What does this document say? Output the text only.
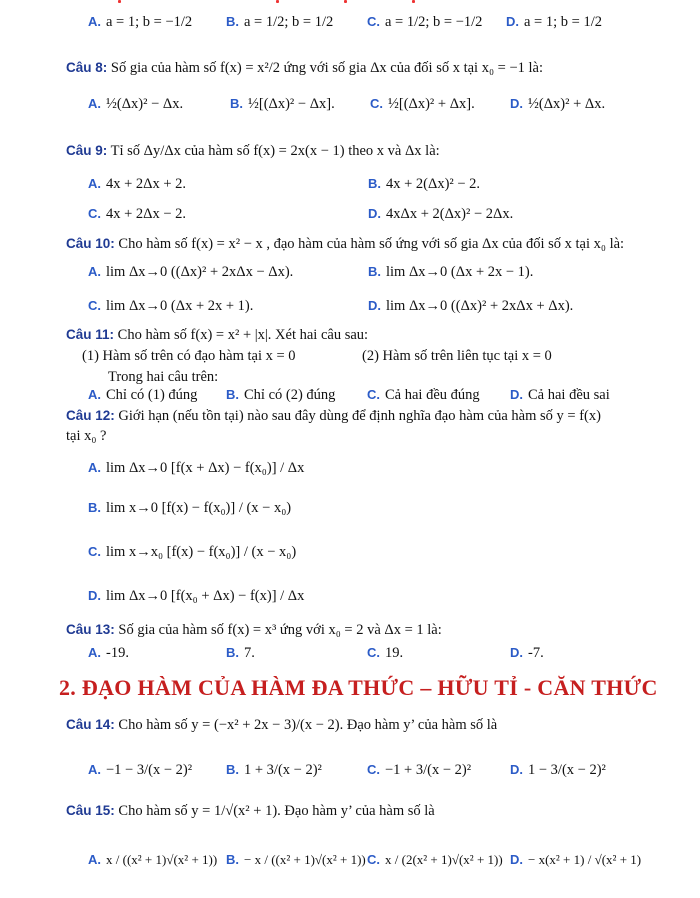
A. a = 1; b = −1/2	B. a = 1/2; b = 1/2	C. a = 1/2; b = −1/2 D. a = 1; b = 1/2
Câu 8: Số gia của hàm số f(x) = x²/2 ứng với số gia Δx của đối số x tại x₀ = −1 là:
A. ½(Δx)² − Δx.	B. ½[(Δx)² − Δx].	C. ½[(Δx)² + Δx].	D. ½(Δx)² + Δx.
Câu 9: Tỉ số Δy/Δx của hàm số f(x) = 2x(x − 1) theo x và Δx là:
A. 4x + 2Δx + 2.	B. 4x + 2(Δx)² − 2.
C. 4x + 2Δx − 2.	D. 4xΔx + 2(Δx)² − 2Δx.
Câu 10: Cho hàm số f(x) = x² − x , đạo hàm của hàm số ứng với số gia Δx của đối số x tại x₀ là:
A. lim Δx→0 ((Δx)² + 2xΔx − Δx).	B. lim Δx→0 (Δx + 2x − 1).
C. lim Δx→0 (Δx + 2x + 1).	D. lim Δx→0 ((Δx)² + 2xΔx + Δx).
Câu 11: Cho hàm số f(x) = x² + |x|. Xét hai câu sau:
(1) Hàm số trên có đạo hàm tại x = 0	(2) Hàm số trên liên tục tại x = 0
Trong hai câu trên:
A. Chỉ có (1) đúng B. Chỉ có (2) đúng C. Cả hai đều đúng D. Cả hai đều sai
Câu 12: Giới hạn (nếu tồn tại) nào sau đây dùng để định nghĩa đạo hàm của hàm số y = f(x)
tại x₀ ?
A. lim Δx→0 [f(x + Δx) − f(x₀)] / Δx
B. lim x→0 [f(x) − f(x₀)] / (x − x₀)
C. lim x→x₀ [f(x) − f(x₀)] / (x − x₀)
D. lim Δx→0 [f(x₀ + Δx) − f(x)] / Δx
Câu 13: Số gia của hàm số f(x) = x³ ứng với x₀ = 2 và Δx = 1 là:
A. -19.	B. 7.	C. 19.	D. -7.
2. ĐẠO HÀM CỦA HÀM ĐA THỨC – HỮU TỈ - CĂN THỨC
Câu 14: Cho hàm số y = (−x² + 2x − 3)/(x − 2). Đạo hàm y’ của hàm số là
A. −1 − 3/(x − 2)²	B. 1 + 3/(x − 2)²	C. −1 + 3/(x − 2)²	D. 1 − 3/(x − 2)²
Câu 15: Cho hàm số y = 1/√(x² + 1). Đạo hàm y’ của hàm số là
A. x / ((x² + 1)√(x² + 1)) B. − x / ((x² + 1)√(x² + 1)) C. x / (2(x² + 1)√(x² + 1)) D. − x(x² + 1) / √(x² + 1)
